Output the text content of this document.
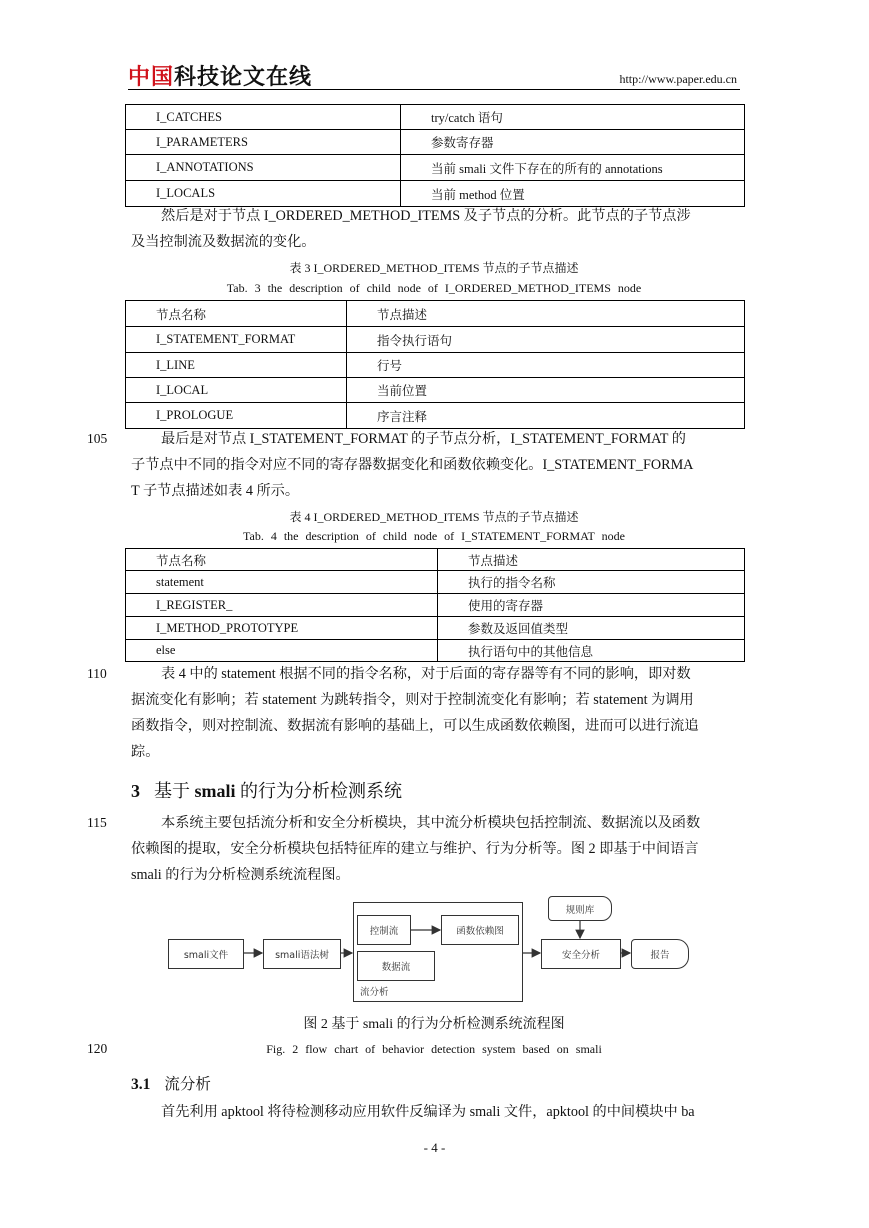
中国科技论文在线	http://www.paper.edu.cn
I_CATCHES	try/catch 语句
I_PARAMETERS	参数寄存器
I_ANNOTATIONS	当前 smali 文件下存在的所有的 annotations
I_LOCALS	当前 method 位置
然后是对于节点 I_ORDERED_METHOD_ITEMS 及子节点的分析。此节点的子节点涉
及当控制流及数据流的变化。
表 3 I_ORDERED_METHOD_ITEMS 节点的子节点描述
Tab. 3 the description of child node of I_ORDERED_METHOD_ITEMS node
节点名称	节点描述
I_STATEMENT_FORMAT	指令执行语句
I_LINE	行号
I_LOCAL	当前位置
I_PROLOGUE	序言注释
105	最后是对节点 I_STATEMENT_FORMAT 的子节点分析，I_STATEMENT_FORMAT 的
子节点中不同的指令对应不同的寄存器数据变化和函数依赖变化。I_STATEMENT_FORMA
T 子节点描述如表 4 所示。
表 4 I_ORDERED_METHOD_ITEMS 节点的子节点描述
Tab. 4 the description of child node of I_STATEMENT_FORMAT node
节点名称	节点描述
statement	执行的指令名称
I_REGISTER_	使用的寄存器
I_METHOD_PROTOTYPE	参数及返回值类型
else	执行语句中的其他信息
110	表 4 中的 statement 根据不同的指令名称，对于后面的寄存器等有不同的影响，即对数
据流变化有影响；若 statement 为跳转指令，则对于控制流变化有影响；若 statement 为调用
函数指令，则对控制流、数据流有影响的基础上，可以生成函数依赖图，进而可以进行流追
踪。
3 基于 smali 的行为分析检测系统
115	本系统主要包括流分析和安全分析模块，其中流分析模块包括控制流、数据流以及函数
依赖图的提取，安全分析模块包括特征库的建立与维护、行为分析等。图 2 即基于中间语言
smali 的行为分析检测系统流程图。
smali文件	smali语法树
控制流	函数依赖图
数据流
流分析
规则库
安全分析	报告
图 2 基于 smali 的行为分析检测系统流程图
120	Fig. 2 flow chart of behavior detection system based on smali
3.1 流分析
首先利用 apktool 将待检测移动应用软件反编译为 smali 文件，apktool 的中间模块中 ba
- 4 -
